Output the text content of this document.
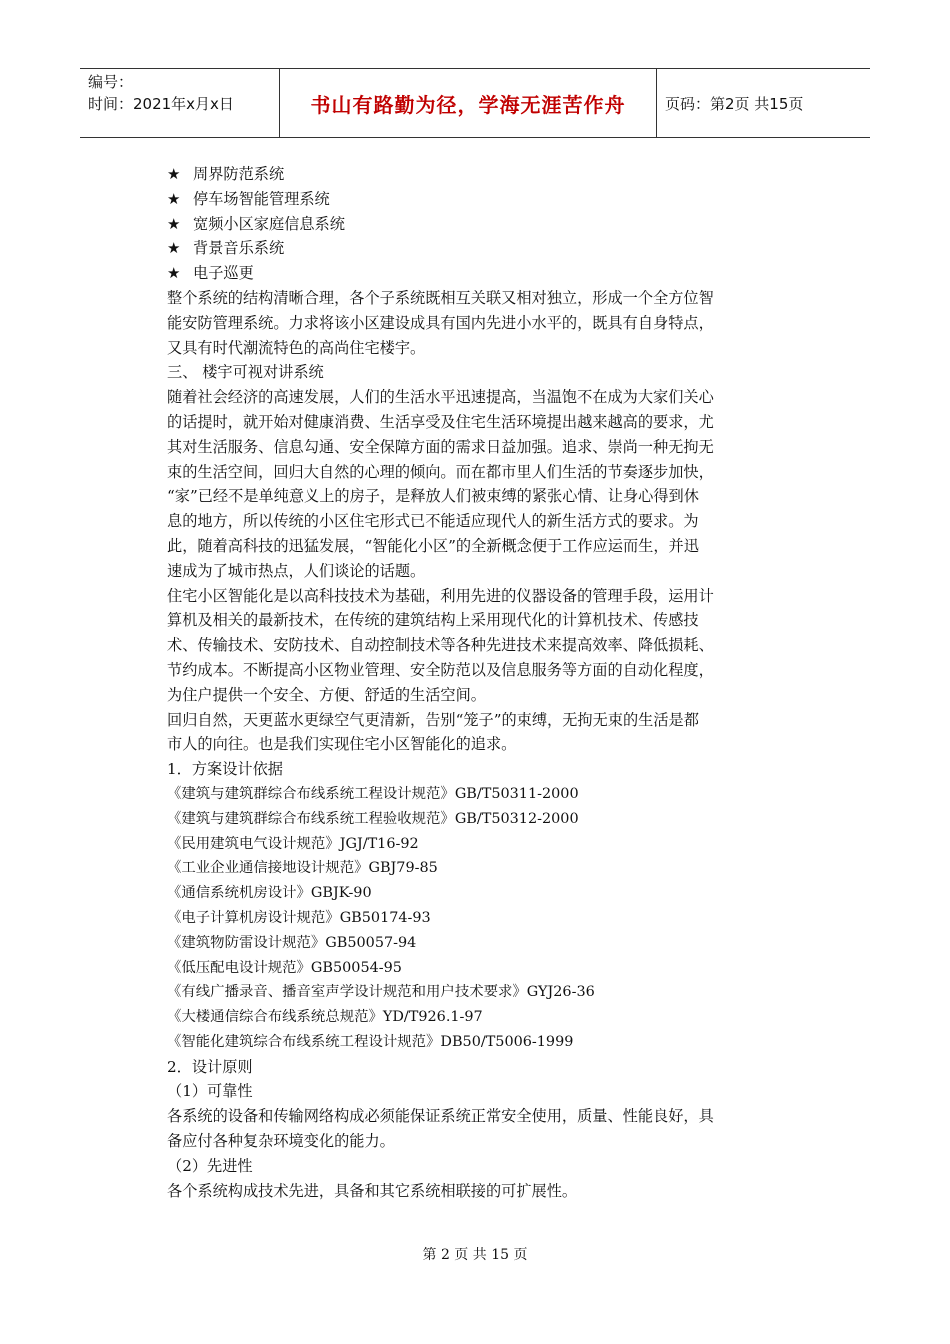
编号：
时间：2021年x月x日	书山有路勤为径，学海无涯苦作舟	页码：第2页 共15页

★ 周界防范系统

★ 停车场智能管理系统

★ 宽频小区家庭信息系统

★ 背景音乐系统

★ 电子巡更

整个系统的结构清晰合理，各个子系统既相互关联又相对独立，形成一个全方位智

能安防管理系统。力求将该小区建设成具有国内先进小水平的，既具有自身特点，

又具有时代潮流特色的高尚住宅楼宇。

三、 楼宇可视对讲系统

随着社会经济的高速发展，人们的生活水平迅速提高，当温饱不在成为大家们关心

的话提时，就开始对健康消费、生活享受及住宅生活环境提出越来越高的要求，尤

其对生活服务、信息勾通、安全保障方面的需求日益加强。追求、崇尚一种无拘无

束的生活空间，回归大自然的心理的倾向。而在都市里人们生活的节奏逐步加快，

“家”已经不是单纯意义上的房子，是释放人们被束缚的紧张心情、让身心得到休

息的地方，所以传统的小区住宅形式已不能适应现代人的新生活方式的要求。为

此，随着高科技的迅猛发展，“智能化小区”的全新概念便于工作应运而生，并迅

速成为了城市热点，人们谈论的话题。

住宅小区智能化是以高科技技术为基础，利用先进的仪器设备的管理手段，运用计

算机及相关的最新技术，在传统的建筑结构上采用现代化的计算机技术、传感技

术、传输技术、安防技术、自动控制技术等各种先进技术来提高效率、降低损耗、

节约成本。不断提高小区物业管理、安全防范以及信息服务等方面的自动化程度，

为住户提供一个安全、方便、舒适的生活空间。

回归自然，天更蓝水更绿空气更清新，告别“笼子”的束缚，无拘无束的生活是都

市人的向往。也是我们实现住宅小区智能化的追求。

1．方案设计依据

《建筑与建筑群综合布线系统工程设计规范》GB/T50311-2000

《建筑与建筑群综合布线系统工程验收规范》GB/T50312-2000

《民用建筑电气设计规范》JGJ/T16-92

《工业企业通信接地设计规范》GBJ79-85

《通信系统机房设计》GBJK-90

《电子计算机房设计规范》GB50174-93

《建筑物防雷设计规范》GB50057-94

《低压配电设计规范》GB50054-95

《有线广播录音、播音室声学设计规范和用户技术要求》GYJ26-36

《大楼通信综合布线系统总规范》YD/T926.1-97

《智能化建筑综合布线系统工程设计规范》DB50/T5006-1999

2．设计原则

（1）可靠性

各系统的设备和传输网络构成必须能保证系统正常安全使用，质量、性能良好，具

备应付各种复杂环境变化的能力。

（2）先进性

各个系统构成技术先进，具备和其它系统相联接的可扩展性。

第 2 页 共 15 页
